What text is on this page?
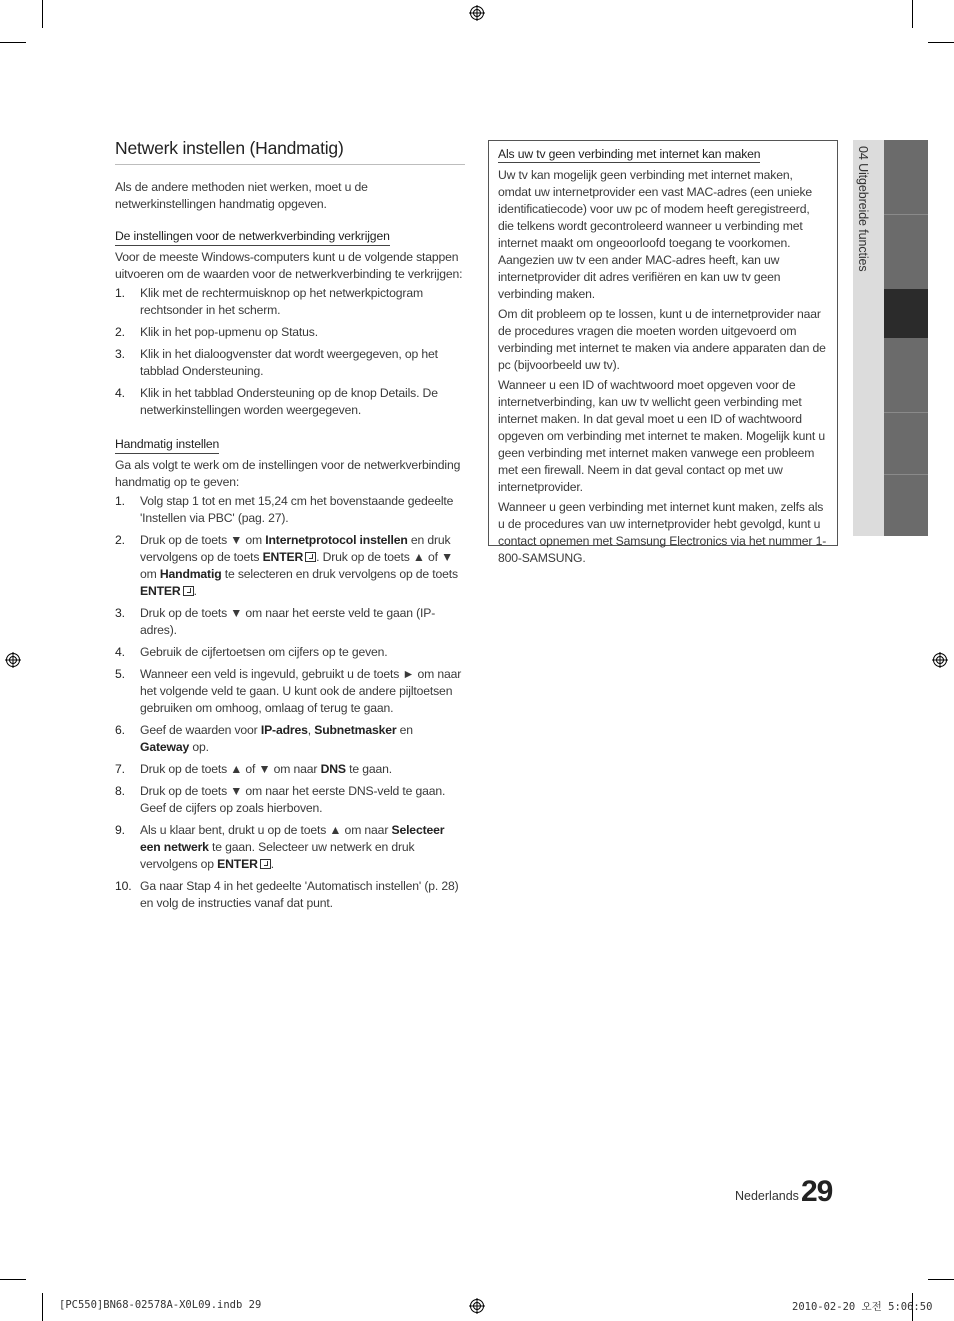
Netwerk instellen (Handmatig)

Als de andere methoden niet werken, moet u de netwerkinstellingen handmatig opgeven.

De instellingen voor de netwerkverbinding verkrijgen

Voor de meeste Windows-computers kunt u de volgende stappen uitvoeren om de waarden voor de netwerkverbinding te verkrijgen:

1. Klik met de rechtermuisknop op het netwerkpictogram rechtsonder in het scherm.
2. Klik in het pop-upmenu op Status.
3. Klik in het dialoogvenster dat wordt weergegeven, op het tabblad Ondersteuning.
4. Klik in het tabblad Ondersteuning op de knop Details. De netwerkinstellingen worden weergegeven.
Handmatig instellen

Ga als volgt te werk om de instellingen voor de netwerkverbinding handmatig op te geven:

1. Volg stap 1 tot en met 15,24 cm het bovenstaande gedeelte 'Instellen via PBC' (pag. 27).
2. Druk op de toets ▼ om Internetprotocol instellen en druk vervolgens op de toets ENTER . Druk op de toets ▲ of ▼ om Handmatig te selecteren en druk vervolgens op de toets ENTER .
3. Druk op de toets ▼ om naar het eerste veld te gaan (IP-adres).
4. Gebruik de cijfertoetsen om cijfers op te geven.
5. Wanneer een veld is ingevuld, gebruikt u de toets ► om naar het volgende veld te gaan. U kunt ook de andere pijltoetsen gebruiken om omhoog, omlaag of terug te gaan.
6. Geef de waarden voor IP-adres, Subnetmasker en Gateway op.
7. Druk op de toets ▲ of ▼ om naar DNS te gaan.
8. Druk op de toets ▼ om naar het eerste DNS-veld te gaan. Geef de cijfers op zoals hierboven.
9. Als u klaar bent, drukt u op de toets ▲ om naar Selecteer een netwerk te gaan. Selecteer uw netwerk en druk vervolgens op ENTER .
10. Ga naar Stap 4 in het gedeelte 'Automatisch instellen' (p. 28) en volg de instructies vanaf dat punt.
Als uw tv geen verbinding met internet kan maken

Uw tv kan mogelijk geen verbinding met internet maken, omdat uw internetprovider een vast MAC-adres (een unieke identificatiecode) voor uw pc of modem heeft geregistreerd, die telkens wordt gecontroleerd wanneer u verbinding met internet maakt om ongeoorloofd toegang te voorkomen. Aangezien uw tv een ander MAC-adres heeft, kan uw internetprovider dit adres verifiëren en kan uw tv geen verbinding maken.

Om dit probleem op te lossen, kunt u de internetprovider naar de procedures vragen die moeten worden uitgevoerd om verbinding met internet te maken via andere apparaten dan de pc (bijvoorbeeld uw tv).

Wanneer u een ID of wachtwoord moet opgeven voor de internetverbinding, kan uw tv wellicht geen verbinding met internet maken. In dat geval moet u een ID of wachtwoord opgeven om verbinding met internet te maken. Mogelijk kunt u geen verbinding met internet maken vanwege een probleem met een firewall. Neem in dat geval contact op met uw internetprovider.

Wanneer u geen verbinding met internet kunt maken, zelfs als u de procedures van uw internetprovider hebt gevolgd, kunt u contact opnemen met Samsung Electronics via het nummer 1-800-SAMSUNG.

04 Uitgebreide functies
Nederlands 29
[PC550]BN68-02578A-X0L09.indb 29	2010-02-20 오전 5:06:50
